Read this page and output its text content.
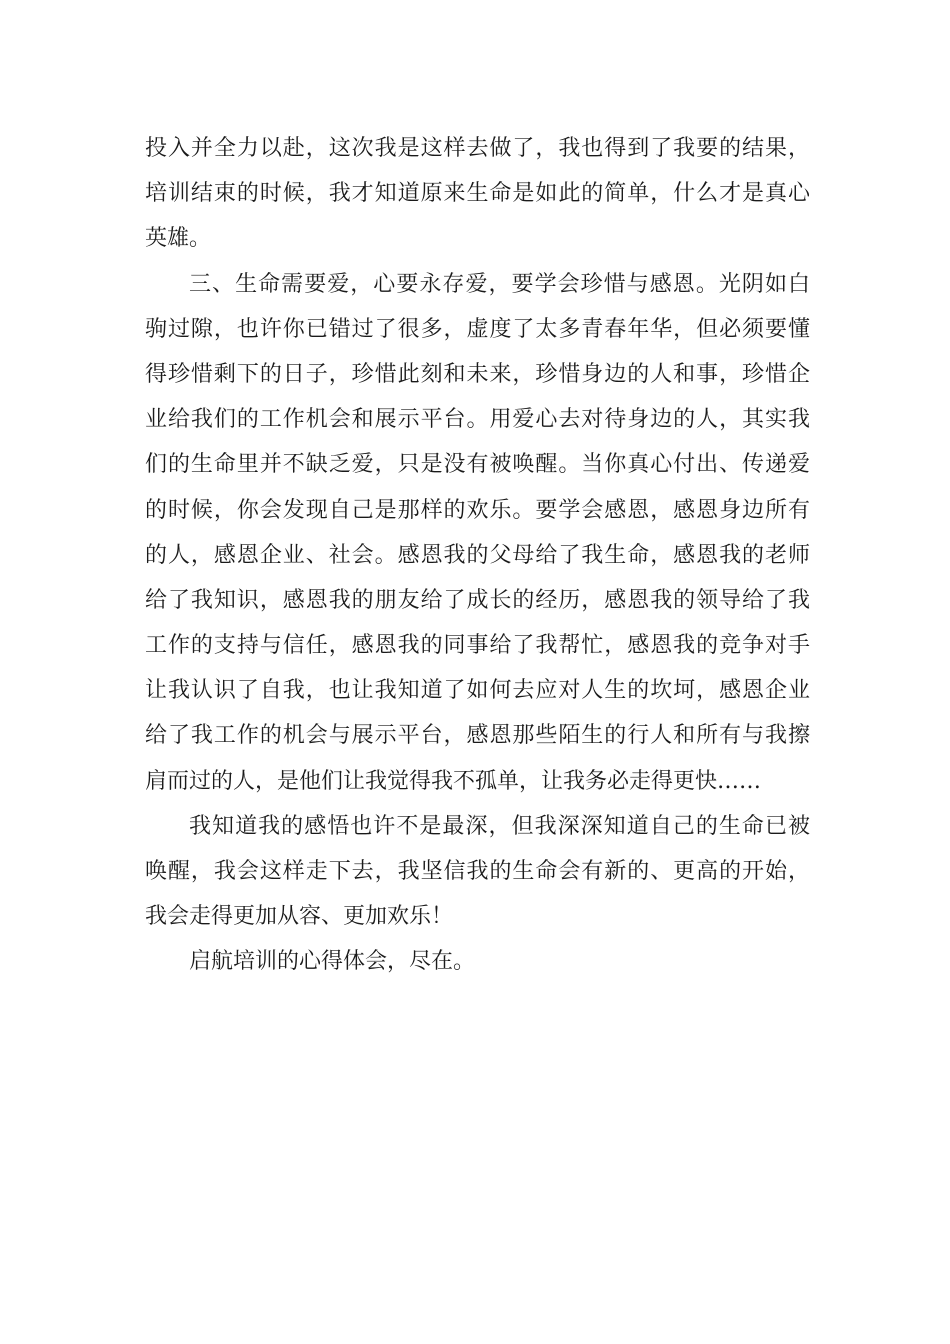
投入并全力以赴，这次我是这样去做了，我也得到了我要的结果，
培训结束的时候，我才知道原来生命是如此的简单，什么才是真心
英雄。
三、生命需要爱，心要永存爱，要学会珍惜与感恩。光阴如白
驹过隙，也许你已错过了很多，虚度了太多青春年华，但必须要懂
得珍惜剩下的日子，珍惜此刻和未来，珍惜身边的人和事，珍惜企
业给我们的工作机会和展示平台。用爱心去对待身边的人，其实我
们的生命里并不缺乏爱，只是没有被唤醒。当你真心付出、传递爱
的时候，你会发现自己是那样的欢乐。要学会感恩，感恩身边所有
的人，感恩企业、社会。感恩我的父母给了我生命，感恩我的老师
给了我知识，感恩我的朋友给了成长的经历，感恩我的领导给了我
工作的支持与信任，感恩我的同事给了我帮忙，感恩我的竞争对手
让我认识了自我，也让我知道了如何去应对人生的坎坷，感恩企业
给了我工作的机会与展示平台，感恩那些陌生的行人和所有与我擦
肩而过的人，是他们让我觉得我不孤单，让我务必走得更快……
我知道我的感悟也许不是最深，但我深深知道自己的生命已被
唤醒，我会这样走下去，我坚信我的生命会有新的、更高的开始，
我会走得更加从容、更加欢乐！
启航培训的心得体会，尽在。
